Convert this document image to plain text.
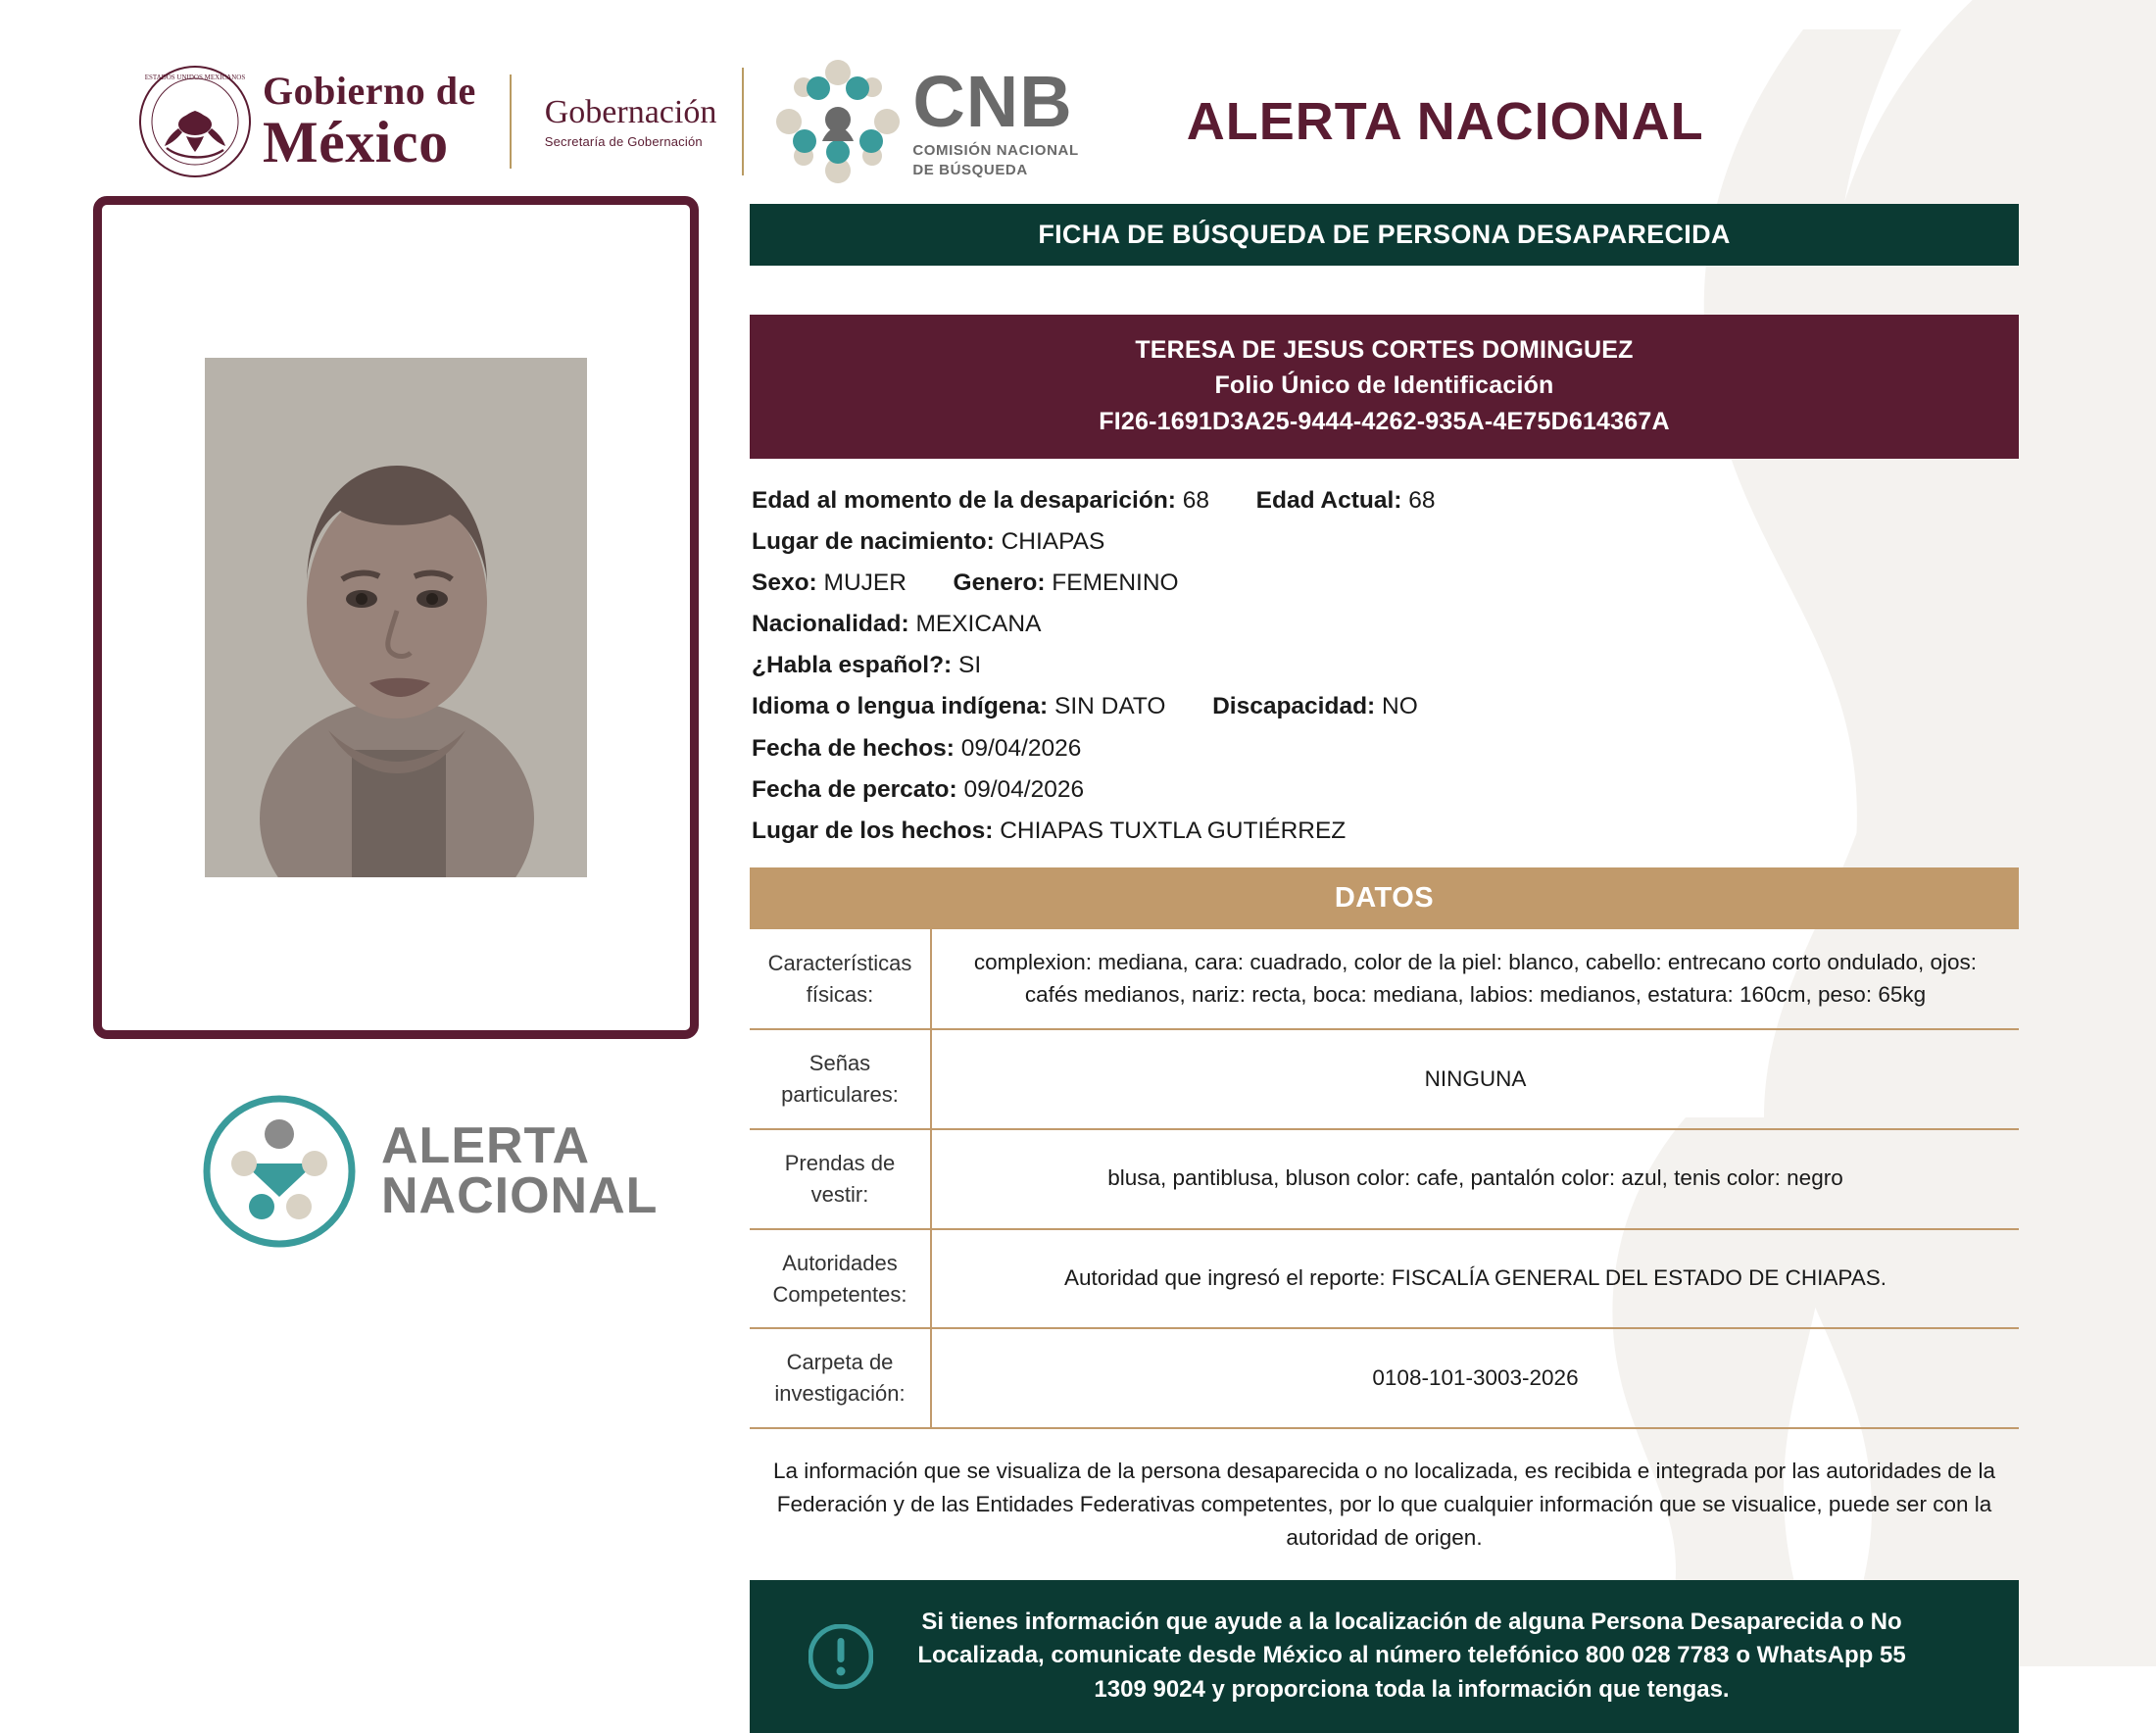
ESTADOS UNIDOS MEXICANOS Gobierno de
México	Gobernación
Secretaría de Gobernación	CNB
COMISIÓN NACIONAL
DE BÚSQUEDA
ALERTA NACIONAL
ALERTA
NACIONAL
FICHA DE BÚSQUEDA DE PERSONA DESAPARECIDA
TERESA DE JESUS CORTES DOMINGUEZ
Folio Único de Identificación
FI26-1691D3A25-9444-4262-935A-4E75D614367A
Edad al momento de la desaparición: 68 Edad Actual: 68
Lugar de nacimiento: CHIAPAS
Sexo: MUJER Genero: FEMENINO
Nacionalidad: MEXICANA
¿Habla español?: SI
Idioma o lengua indígena: SIN DATO Discapacidad: NO
Fecha de hechos: 09/04/2026
Fecha de percato: 09/04/2026
Lugar de los hechos: CHIAPAS TUXTLA GUTIÉRREZ
DATOS
Características físicas:	complexion: mediana, cara: cuadrado, color de la piel: blanco, cabello: entrecano corto ondulado, ojos: cafés medianos, nariz: recta, boca: mediana, labios: medianos, estatura: 160cm, peso: 65kg
Señas particulares:	NINGUNA
Prendas de vestir:	blusa, pantiblusa, bluson color: cafe, pantalón color: azul, tenis color: negro
Autoridades Competentes:	Autoridad que ingresó el reporte: FISCALÍA GENERAL DEL ESTADO DE CHIAPAS.
Carpeta de investigación:	0108-101-3003-2026
La información que se visualiza de la persona desaparecida o no localizada, es recibida e integrada por las autoridades de la Federación y de las Entidades Federativas competentes, por lo que cualquier información que se visualice, puede ser con la autoridad de origen.
Si tienes información que ayude a la localización de alguna Persona Desaparecida o No Localizada, comunicate desde México al número telefónico 800 028 7783 o WhatsApp 55 1309 9024 y proporciona toda la información que tengas.
